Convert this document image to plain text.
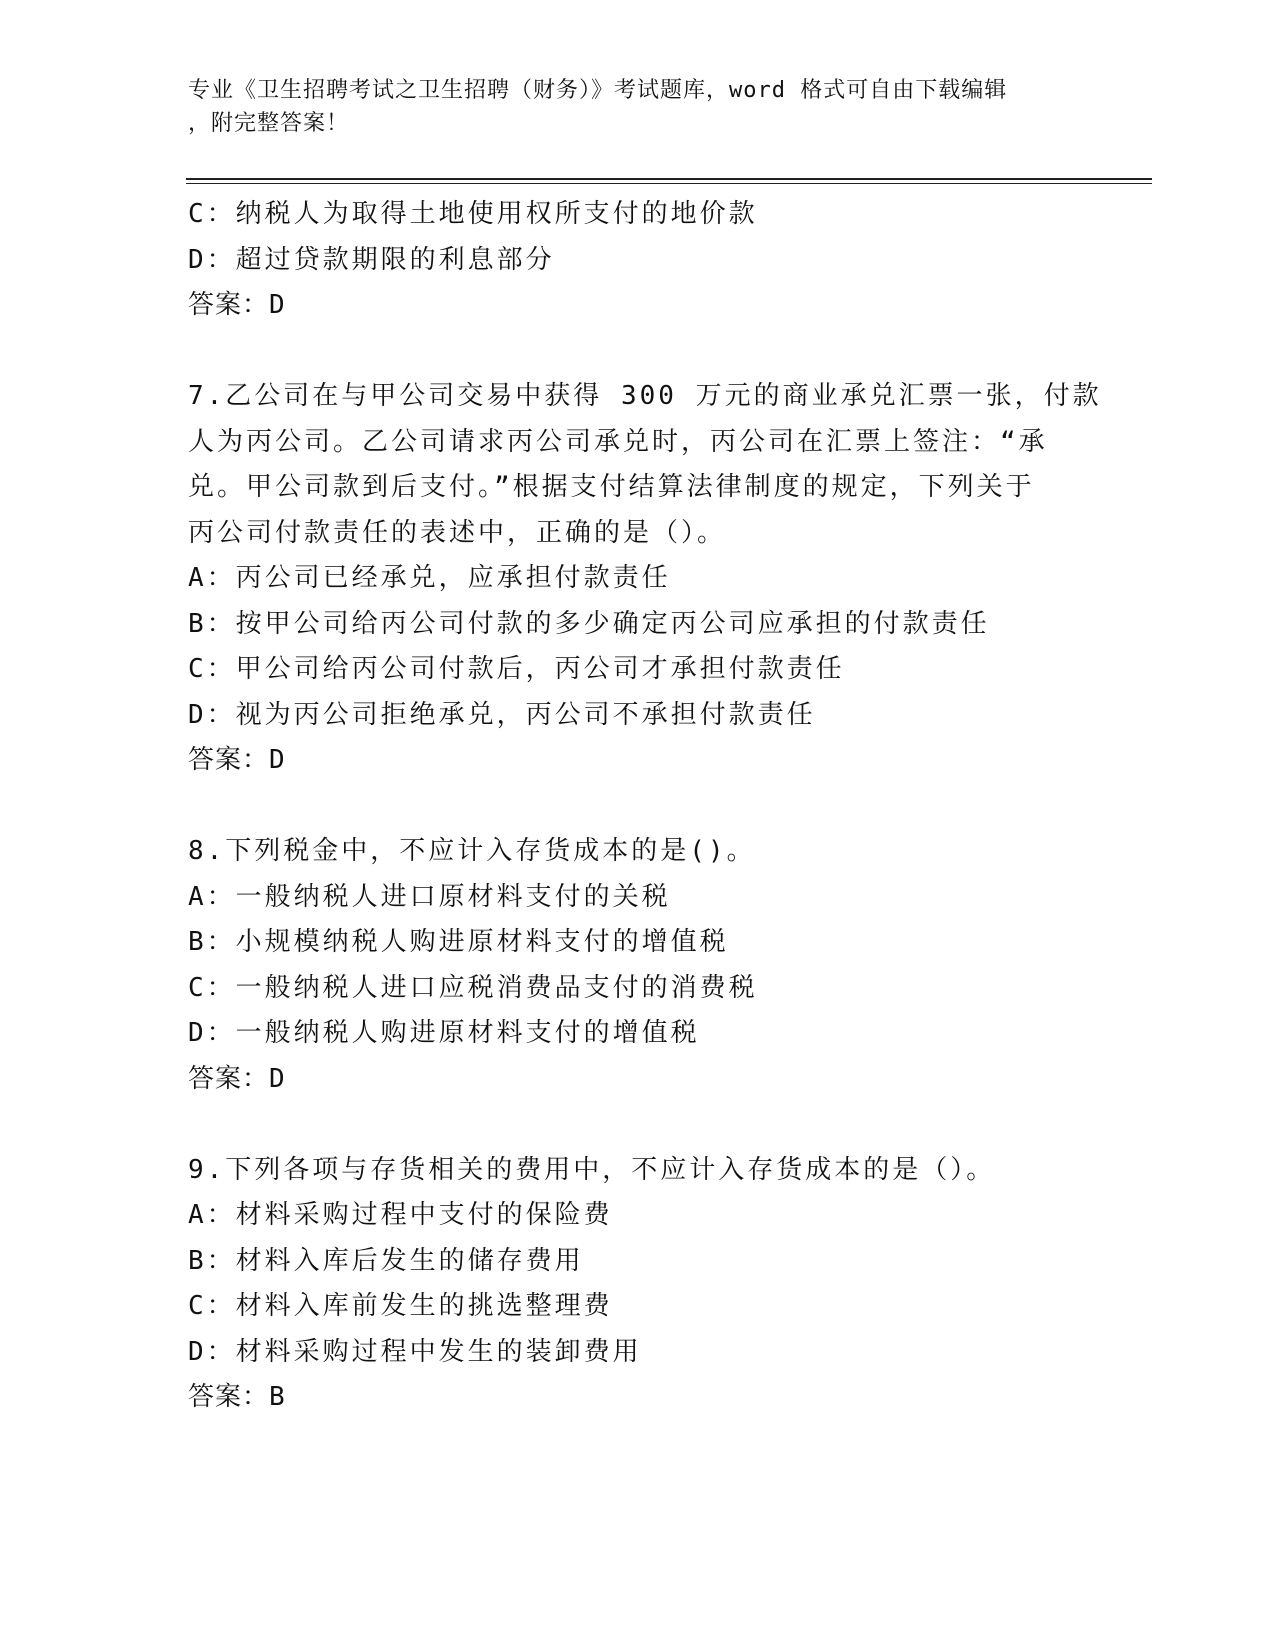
专业《卫生招聘考试之卫生招聘（财务）》考试题库，word 格式可自由下载编辑
，附完整答案！
C：纳税人为取得土地使用权所支付的地价款
D：超过贷款期限的利息部分
答案：D
7.乙公司在与甲公司交易中获得 300 万元的商业承兑汇票一张，付款
人为丙公司。乙公司请求丙公司承兑时，丙公司在汇票上签注：“承
兑。甲公司款到后支付。”根据支付结算法律制度的规定，下列关于
丙公司付款责任的表述中，正确的是（）。
A：丙公司已经承兑，应承担付款责任
B：按甲公司给丙公司付款的多少确定丙公司应承担的付款责任
C：甲公司给丙公司付款后，丙公司才承担付款责任
D：视为丙公司拒绝承兑，丙公司不承担付款责任
答案：D
8.下列税金中，不应计入存货成本的是()。
A：一般纳税人进口原材料支付的关税
B：小规模纳税人购进原材料支付的增值税
C：一般纳税人进口应税消费品支付的消费税
D：一般纳税人购进原材料支付的增值税
答案：D
9.下列各项与存货相关的费用中，不应计入存货成本的是（）。
A：材料采购过程中支付的保险费
B：材料入库后发生的储存费用
C：材料入库前发生的挑选整理费
D：材料采购过程中发生的装卸费用
答案：B
